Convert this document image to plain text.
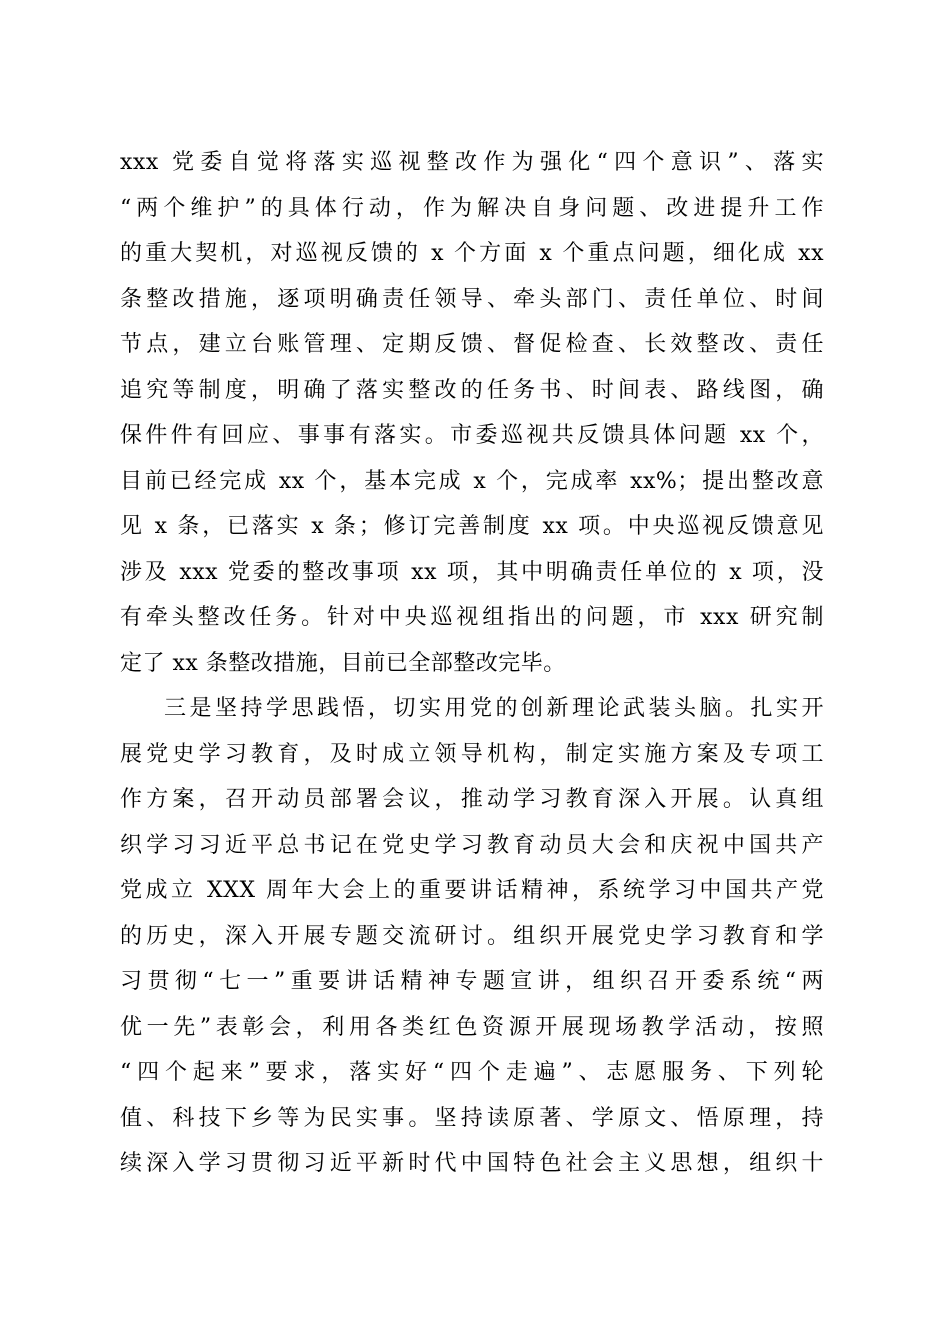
xxx 党委自觉将落实巡视整改作为强化“四个意识”、落实
“两个维护”的具体行动，作为解决自身问题、改进提升工作
的重大契机，对巡视反馈的 x 个方面 x 个重点问题，细化成 xx
条整改措施，逐项明确责任领导、牵头部门、责任单位、时间
节点，建立台账管理、定期反馈、督促检查、长效整改、责任
追究等制度，明确了落实整改的任务书、时间表、路线图，确
保件件有回应、事事有落实。市委巡视共反馈具体问题 xx 个，
目前已经完成 xx 个，基本完成 x 个，完成率 xx%；提出整改意
见 x 条，已落实 x 条；修订完善制度 xx 项。中央巡视反馈意见
涉及 xxx 党委的整改事项 xx 项，其中明确责任单位的 x 项，没
有牵头整改任务。针对中央巡视组指出的问题，市 xxx 研究制
定了 xx 条整改措施，目前已全部整改完毕。
三是坚持学思践悟，切实用党的创新理论武装头脑。扎实开
展党史学习教育，及时成立领导机构，制定实施方案及专项工
作方案，召开动员部署会议，推动学习教育深入开展。认真组
织学习习近平总书记在党史学习教育动员大会和庆祝中国共产
党成立 XXX 周年大会上的重要讲话精神，系统学习中国共产党
的历史，深入开展专题交流研讨。组织开展党史学习教育和学
习贯彻“七一”重要讲话精神专题宣讲，组织召开委系统“两
优一先”表彰会，利用各类红色资源开展现场教学活动，按照
“四个起来”要求，落实好“四个走遍”、志愿服务、下列轮
值、科技下乡等为民实事。坚持读原著、学原文、悟原理，持
续深入学习贯彻习近平新时代中国特色社会主义思想，组织十
